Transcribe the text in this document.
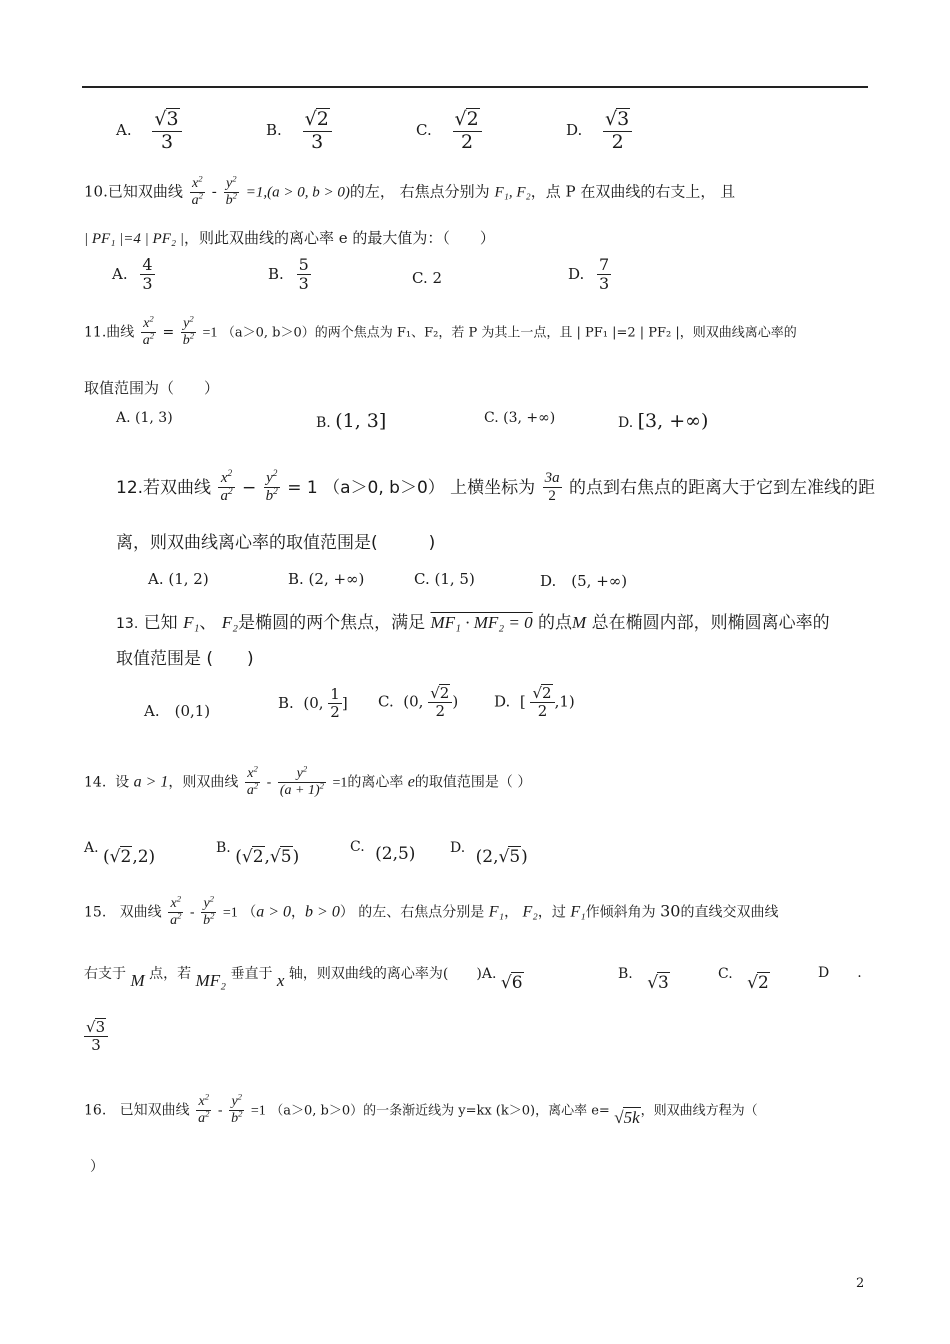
A. $\frac{√3}{3}$	B. $\frac{√2}{3}$	C. $\frac{√2}{2}$	D. $\frac{√3}{2}$
10.已知双曲线 $\frac{x^2}{a^2} - \frac{y^2}{b^2} =1,(a > 0$, b > 0)的左， 右焦点分别为 F₁, F₂，点 P 在双曲线的右支上， 且
| PF₁ |=4 | PF₂ |，则此双曲线的离心率 e 的最大值为：（　　）
A. $\frac{4}{3}$	B. $\frac{5}{3}$	C. 2	D. $\frac{7}{3}$
11.曲线 $\frac{x^2}{a^2} = \frac{y^2}{b^2} =1$ （a＞0, b＞0）的两个焦点为 F₁、F₂，若 P 为其上一点，且 | PF₁ |=2 | PF₂ |，则双曲线离心率的
取值范围为（　　）
A. (1, 3)	B. (1, 3]	C. (3, +∞)	D. [3, +∞)
12.若双曲线 $\frac{x^2}{a^2} - \frac{y^2}{b^2} = 1$ （a＞0, b＞0） 上横坐标为 $\frac{3a}{2}$ 的点到右焦点的距离大于它到左准线的距
离，则双曲线离心率的取值范围是(　　　)
A. (1, 2)	B. (2, +∞)	C. (1, 5)	D.　(5, +∞)
13. 已知 F₁、 F₂是椭圆的两个焦点，满足 MF₁ · MF₂ = 0 的点M 总在椭圆内部，则椭圆离心率的
取值范围是 (　　)
A.　(0,1)	B. (0, $\frac{1}{2}$ ] C. (0, $\frac{√2}{2}$ ) D. [ $\frac{√2}{2} ,1$)
14. 设 a > 1，则双曲线 $\frac{x^2}{a^2} - \frac{y^2}{(a + 1)^2} =1$的离心率 e的取值范围是（ ）
A. (√2,2)	B. (√2,√5)	C. (2,5) D. (2,√5)
15. 双曲线 $\frac{x^2}{a^2} - \frac{y^2}{b^2} =1$ （a > 0，b > 0） 的左、右焦点分别是 F₁， F₂，过 F₁作倾斜角为 30的直线交双曲线
右支于 M 点，若 MF₂ 垂直于 x 轴，则双曲线的离心率为(　　)A. √6	B. √3	C. √2	D　　.
$\frac{√3}{3}$
16. 已知双曲线 $\frac{x^2}{a^2} - \frac{y^2}{b^2} =1$ （a＞0, b＞0）的一条渐近线为 y=kx (k＞0)，离心率 e= √5k，则双曲线方程为（
）
2
